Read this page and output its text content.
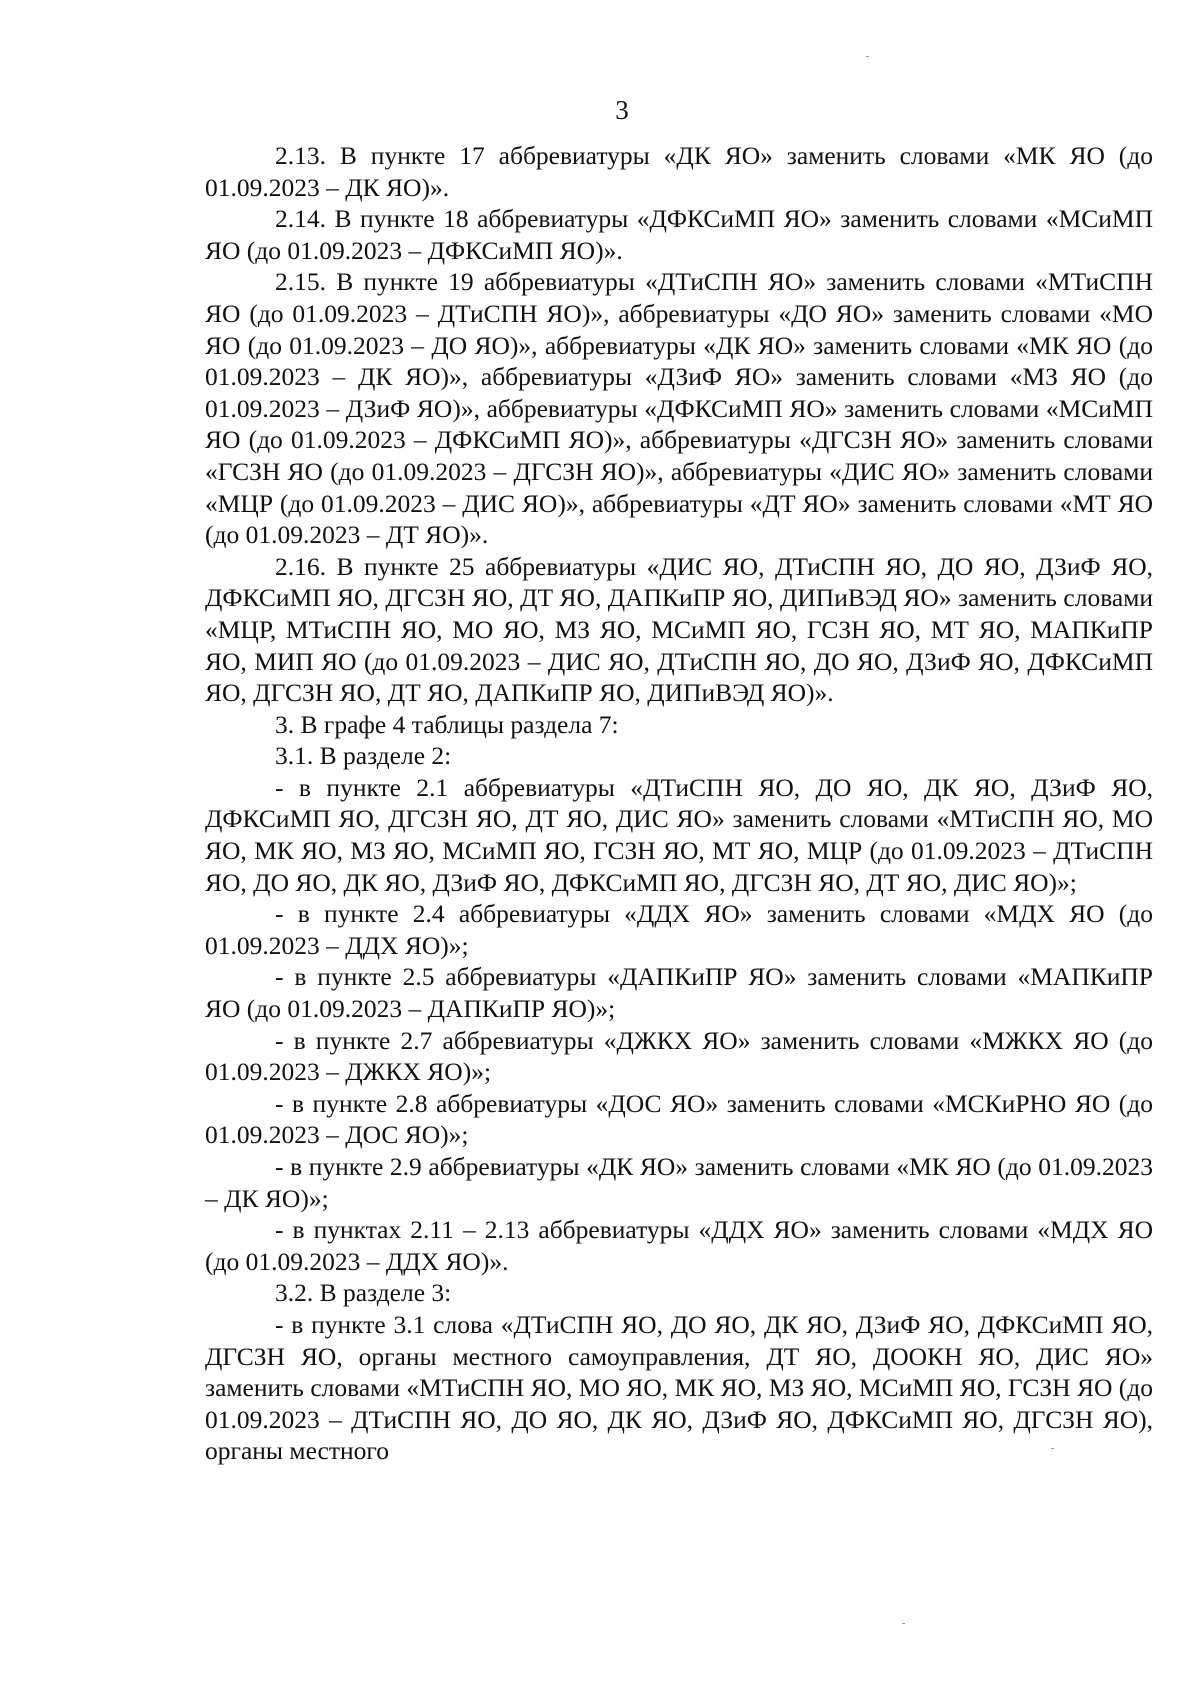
3

2.13. В пункте 17 аббревиатуры «ДК ЯО» заменить словами «МК ЯО (до 01.09.2023 – ДК ЯО)».

2.14. В пункте 18 аббревиатуры «ДФКСиМП ЯО» заменить словами «МСиМП ЯО (до 01.09.2023 – ДФКСиМП ЯО)».

2.15. В пункте 19 аббревиатуры «ДТиСПН ЯО» заменить словами «МТиСПН ЯО (до 01.09.2023 – ДТиСПН ЯО)», аббревиатуры «ДО ЯО» заменить словами «МО ЯО (до 01.09.2023 – ДО ЯО)», аббревиатуры «ДК ЯО» заменить словами «МК ЯО (до 01.09.2023 – ДК ЯО)», аббревиатуры «ДЗиФ ЯО» заменить словами «МЗ ЯО (до 01.09.2023 – ДЗиФ ЯО)», аббревиатуры «ДФКСиМП ЯО» заменить словами «МСиМП ЯО (до 01.09.2023 – ДФКСиМП ЯО)», аббревиатуры «ДГСЗН ЯО» заменить словами «ГСЗН ЯО (до 01.09.2023 – ДГСЗН ЯО)», аббревиатуры «ДИС ЯО» заменить словами «МЦР (до 01.09.2023 – ДИС ЯО)», аббревиатуры «ДТ ЯО» заменить словами «МТ ЯО (до 01.09.2023 – ДТ ЯО)».

2.16. В пункте 25 аббревиатуры «ДИС ЯО, ДТиСПН ЯО, ДО ЯО, ДЗиФ ЯО, ДФКСиМП ЯО, ДГСЗН ЯО, ДТ ЯО, ДАПКиПР ЯО, ДИПиВЭД ЯО» заменить словами «МЦР, МТиСПН ЯО, МО ЯО, МЗ ЯО, МСиМП ЯО, ГСЗН ЯО, МТ ЯО, МАПКиПР ЯО, МИП ЯО (до 01.09.2023 – ДИС ЯО, ДТиСПН ЯО, ДО ЯО, ДЗиФ ЯО, ДФКСиМП ЯО, ДГСЗН ЯО, ДТ ЯО, ДАПКиПР ЯО, ДИПиВЭД ЯО)».

3. В графе 4 таблицы раздела 7:

3.1. В разделе 2:

- в пункте 2.1 аббревиатуры «ДТиСПН ЯО, ДО ЯО, ДК ЯО, ДЗиФ ЯО, ДФКСиМП ЯО, ДГСЗН ЯО, ДТ ЯО, ДИС ЯО» заменить словами «МТиСПН ЯО, МО ЯО, МК ЯО, МЗ ЯО, МСиМП ЯО, ГСЗН ЯО, МТ ЯО, МЦР (до 01.09.2023 – ДТиСПН ЯО, ДО ЯО, ДК ЯО, ДЗиФ ЯО, ДФКСиМП ЯО, ДГСЗН ЯО, ДТ ЯО, ДИС ЯО)»;

- в пункте 2.4 аббревиатуры «ДДХ ЯО» заменить словами «МДХ ЯО (до 01.09.2023 – ДДХ ЯО)»;

- в пункте 2.5 аббревиатуры «ДАПКиПР ЯО» заменить словами «МАПКиПР ЯО (до 01.09.2023 – ДАПКиПР ЯО)»;

- в пункте 2.7 аббревиатуры «ДЖКХ ЯО» заменить словами «МЖКХ ЯО (до 01.09.2023 – ДЖКХ ЯО)»;

- в пункте 2.8 аббревиатуры «ДОС ЯО» заменить словами «МСКиРНО ЯО (до 01.09.2023 – ДОС ЯО)»;

- в пункте 2.9 аббревиатуры «ДК ЯО» заменить словами «МК ЯО (до 01.09.2023 – ДК ЯО)»;

- в пунктах 2.11 – 2.13 аббревиатуры «ДДХ ЯО» заменить словами «МДХ ЯО (до 01.09.2023 – ДДХ ЯО)».

3.2. В разделе 3:

- в пункте 3.1 слова «ДТиСПН ЯО, ДО ЯО, ДК ЯО, ДЗиФ ЯО, ДФКСиМП ЯО, ДГСЗН ЯО, органы местного самоуправления, ДТ ЯО, ДООКН ЯО, ДИС ЯО» заменить словами «МТиСПН ЯО, МО ЯО, МК ЯО, МЗ ЯО, МСиМП ЯО, ГСЗН ЯО (до 01.09.2023 – ДТиСПН ЯО, ДО ЯО, ДК ЯО, ДЗиФ ЯО, ДФКСиМП ЯО, ДГСЗН ЯО), органы местного
